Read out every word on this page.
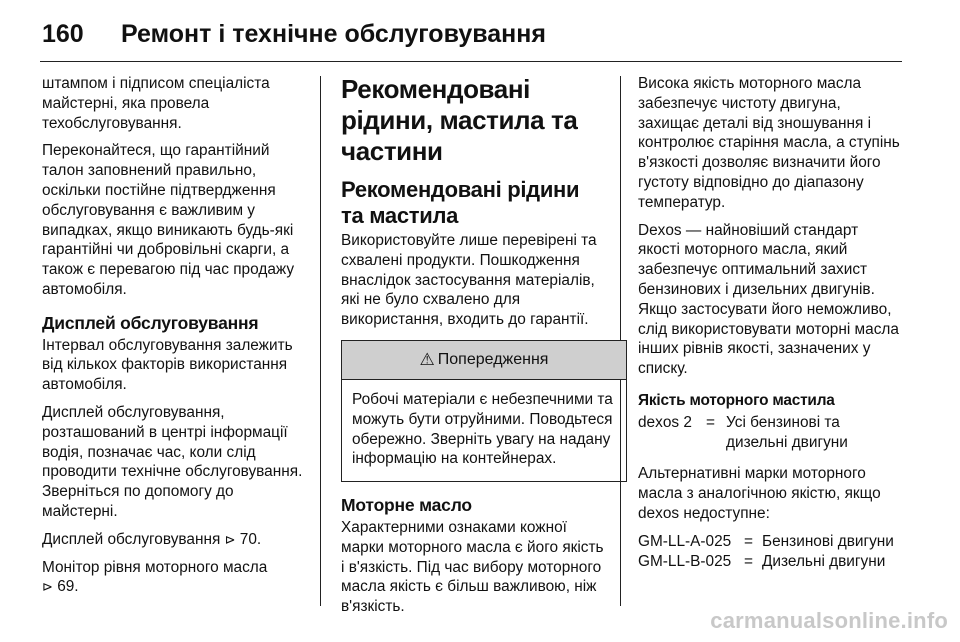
160	Ремонт і технічне обслуговування

штампом і підписом спеціаліста майстерні, яка провела техобслуговування.

Переконайтеся, що гарантійний талон заповнений правильно, оскільки постійне підтвердження обслуговування є важливим у випадках, якщо виникають будь-які гарантійні чи добровільні скарги, а також є перевагою під час продажу автомобіля.

Дисплей обслуговування

Інтервал обслуговування залежить від кількох факторів використання автомобіля.

Дисплей обслуговування, розташований в центрі інформації водія, позначає час, коли слід проводити технічне обслуговування. Зверніться по допомогу до майстерні.

Дисплей обслуговування ⊳ 70.

Монітор рівня моторного масла
⊳ 69.

Рекомендовані рідини, мастила та частини
Рекомендовані рідини та мастила

Використовуйте лише перевірені та схвалені продукти. Пошкодження внаслідок застосування матеріалів, які не було схвалено для використання, входить до гарантії.

⚠ Попередження
Робочі матеріали є небезпечними та можуть бути отруйними. Поводьтеся обережно. Зверніть увагу на надану інформацію на контейнерах.
Моторне масло

Характерними ознаками кожної марки моторного масла є його якість і в'язкість. Під час вибору моторного масла якість є більш важливою, ніж в'язкість.

Висока якість моторного масла забезпечує чистоту двигуна, захищає деталі від зношування і контролює старіння масла, а ступінь в'язкості дозволяє визначити його густоту відповідно до діапазону температур.

Dexos — найновіший стандарт якості моторного масла, який забезпечує оптимальний захист бензинових і дизельних двигунів. Якщо застосувати його неможливо, слід використовувати моторні масла інших рівнів якості, зазначених у списку.

Якість моторного мастила
dexos 2 = Усі бензинові та дизельні двигуни

Альтернативні марки моторного масла з аналогічною якістю, якщо dexos недоступне:

GM-LL-A-025 = Бензинові двигуни
GM-LL-B-025 = Дизельні двигуни
carmanualsonline.info
